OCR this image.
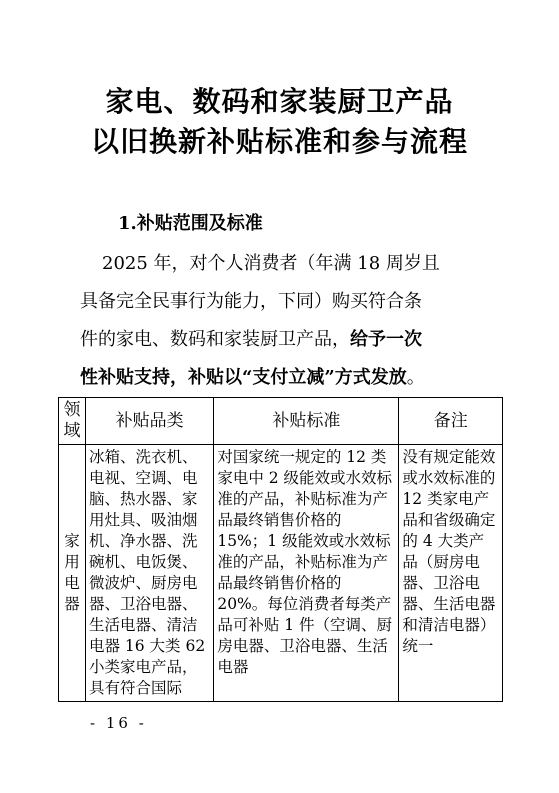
家电、数码和家装厨卫产品
以旧换新补贴标准和参与流程
1.补贴范围及标准
2025 年，对个人消费者（年满 18 周岁且
具备完全民事行为能力，下同）购买符合条
件的家电、数码和家装厨卫产品，给予一次
性补贴支持，补贴以“支付立减”方式发放。
领域	补贴品类	补贴标准	备注
家用电器	冰箱、洗衣机、电视、空调、电脑、热水器、家用灶具、吸油烟机、净水器、洗碗机、电饭煲、微波炉、厨房电器、卫浴电器、生活电器、清洁电器 16 大类 62 小类家电产品，具有符合国际	对国家统一规定的 12 类家电中 2 级能效或水效标准的产品，补贴标准为产品最终销售价格的 15%；1 级能效或水效标准的产品，补贴标准为产品最终销售价格的 20%。每位消费者每类产品可补贴 1 件（空调、厨房电器、卫浴电器、生活电器	没有规定能效或水效标准的 12 类家电产品和省级确定的 4 大类产品（厨房电器、卫浴电器、生活电器和清洁电器）统一
- 16 -
